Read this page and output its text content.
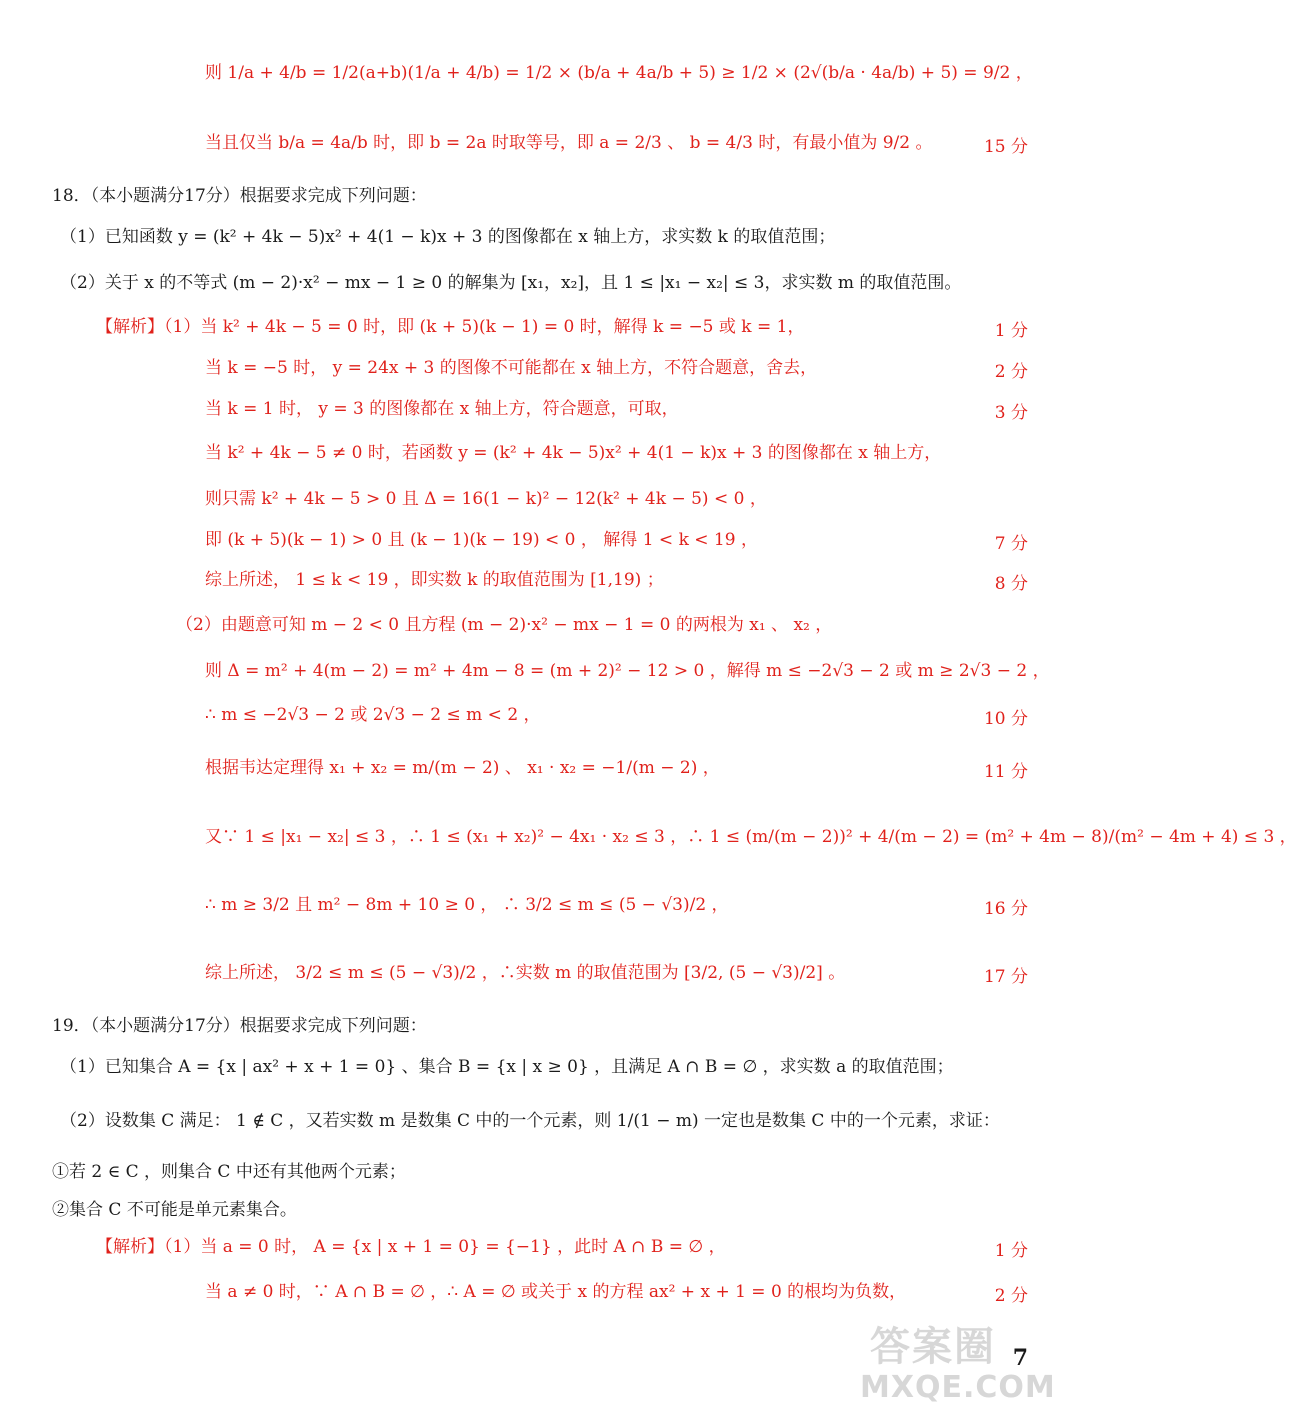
则 1/a + 4/b = 1/2(a+b)(1/a + 4/b) = 1/2 × (b/a + 4a/b + 5) ≥ 1/2 × (2√(b/a · 4a/b) + 5) = 9/2 ，
当且仅当 b/a = 4a/b 时，即 b = 2a 时取等号，即 a = 2/3 、 b = 4/3 时，有最小值为 9/2 。	15 分
18．（本小题满分17分）根据要求完成下列问题：
（1）已知函数 y = (k² + 4k − 5)x² + 4(1 − k)x + 3 的图像都在 x 轴上方，求实数 k 的取值范围；
（2）关于 x 的不等式 (m − 2)·x² − mx − 1 ≥ 0 的解集为 [x₁，x₂]，且 1 ≤ |x₁ − x₂| ≤ 3，求实数 m 的取值范围。
【解析】（1）当 k² + 4k − 5 = 0 时，即 (k + 5)(k − 1) = 0 时，解得 k = −5 或 k = 1，	1 分
当 k = −5 时， y = 24x + 3 的图像不可能都在 x 轴上方，不符合题意，舍去，	2 分
当 k = 1 时， y = 3 的图像都在 x 轴上方，符合题意，可取，	3 分
当 k² + 4k − 5 ≠ 0 时，若函数 y = (k² + 4k − 5)x² + 4(1 − k)x + 3 的图像都在 x 轴上方，
则只需 k² + 4k − 5 > 0 且 Δ = 16(1 − k)² − 12(k² + 4k − 5) < 0 ，
即 (k + 5)(k − 1) > 0 且 (k − 1)(k − 19) < 0 ， 解得 1 < k < 19 ，	7 分
综上所述， 1 ≤ k < 19 ，即实数 k 的取值范围为 [1,19) ；	8 分
（2）由题意可知 m − 2 < 0 且方程 (m − 2)·x² − mx − 1 = 0 的两根为 x₁ 、 x₂ ，
则 Δ = m² + 4(m − 2) = m² + 4m − 8 = (m + 2)² − 12 > 0 ，解得 m ≤ −2√3 − 2 或 m ≥ 2√3 − 2 ，
∴ m ≤ −2√3 − 2 或 2√3 − 2 ≤ m < 2 ，	10 分
根据韦达定理得 x₁ + x₂ = m/(m − 2) 、 x₁ · x₂ = −1/(m − 2) ，	11 分
又∵ 1 ≤ |x₁ − x₂| ≤ 3 ，∴ 1 ≤ (x₁ + x₂)² − 4x₁ · x₂ ≤ 3 ，∴ 1 ≤ (m/(m − 2))² + 4/(m − 2) = (m² + 4m − 8)/(m² − 4m + 4) ≤ 3 ，
∴ m ≥ 3/2 且 m² − 8m + 10 ≥ 0 ， ∴ 3/2 ≤ m ≤ (5 − √3)/2 ，	16 分
综上所述， 3/2 ≤ m ≤ (5 − √3)/2 ，∴实数 m 的取值范围为 [3/2, (5 − √3)/2] 。	17 分
19．（本小题满分17分）根据要求完成下列问题：
（1）已知集合 A = {x | ax² + x + 1 = 0} 、集合 B = {x | x ≥ 0} ，且满足 A ∩ B = ∅ ，求实数 a 的取值范围；
（2）设数集 C 满足： 1 ∉ C ，又若实数 m 是数集 C 中的一个元素，则 1/(1 − m) 一定也是数集 C 中的一个元素，求证：
①若 2 ∈ C ，则集合 C 中还有其他两个元素；
②集合 C 不可能是单元素集合。
【解析】（1）当 a = 0 时， A = {x | x + 1 = 0} = {−1} ，此时 A ∩ B = ∅ ，	1 分
当 a ≠ 0 时，∵ A ∩ B = ∅ ，∴ A = ∅ 或关于 x 的方程 ax² + x + 1 = 0 的根均为负数，	2 分
答案圈
MXQE.COM
7
